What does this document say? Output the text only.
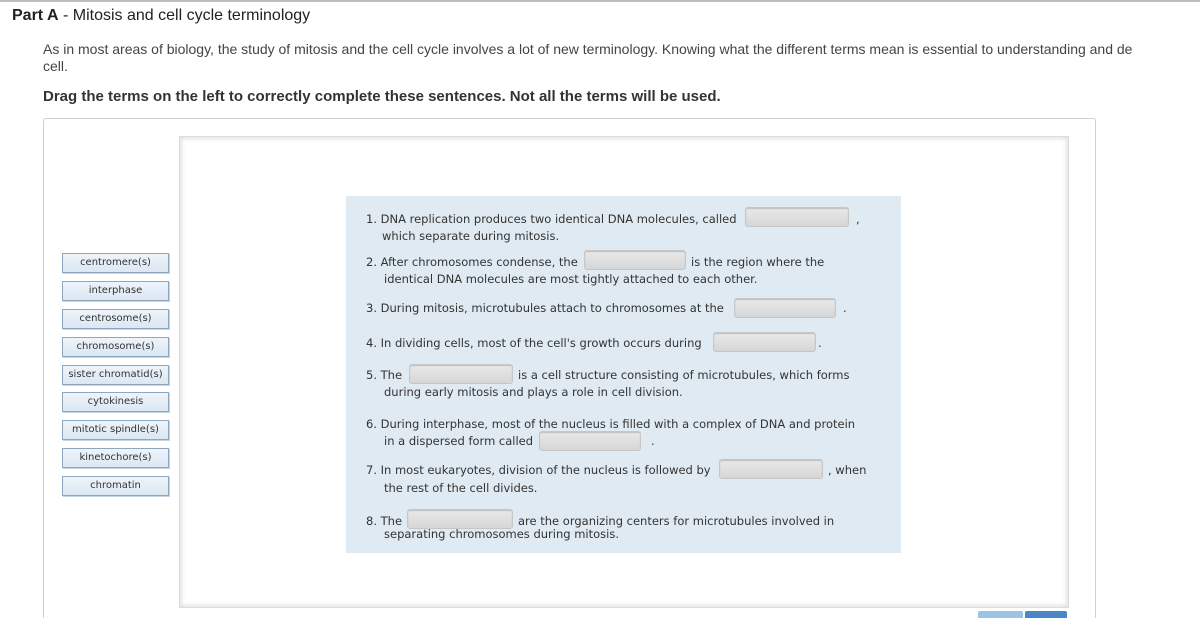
Part A - Mitosis and cell cycle terminology
As in most areas of biology, the study of mitosis and the cell cycle involves a lot of new terminology. Knowing what the different terms mean is essential to understanding and de
cell.
Drag the terms on the left to correctly complete these sentences. Not all the terms will be used.
centromere(s)
interphase
centrosome(s)
chromosome(s)
sister chromatid(s)
cytokinesis
mitotic spindle(s)
kinetochore(s)
chromatin
1. DNA replication produces two identical DNA molecules, called	,
which separate during mitosis.
2. After chromosomes condense, the	is the region where the
identical DNA molecules are most tightly attached to each other.
3. During mitosis, microtubules attach to chromosomes at the	.
4. In dividing cells, most of the cell's growth occurs during	.
5. The	is a cell structure consisting of microtubules, which forms
during early mitosis and plays a role in cell division.
6. During interphase, most of the nucleus is filled with a complex of DNA and protein
in a dispersed form called	.
7. In most eukaryotes, division of the nucleus is followed by	, when
the rest of the cell divides.
8. The	are the organizing centers for microtubules involved in
separating chromosomes during mitosis.
